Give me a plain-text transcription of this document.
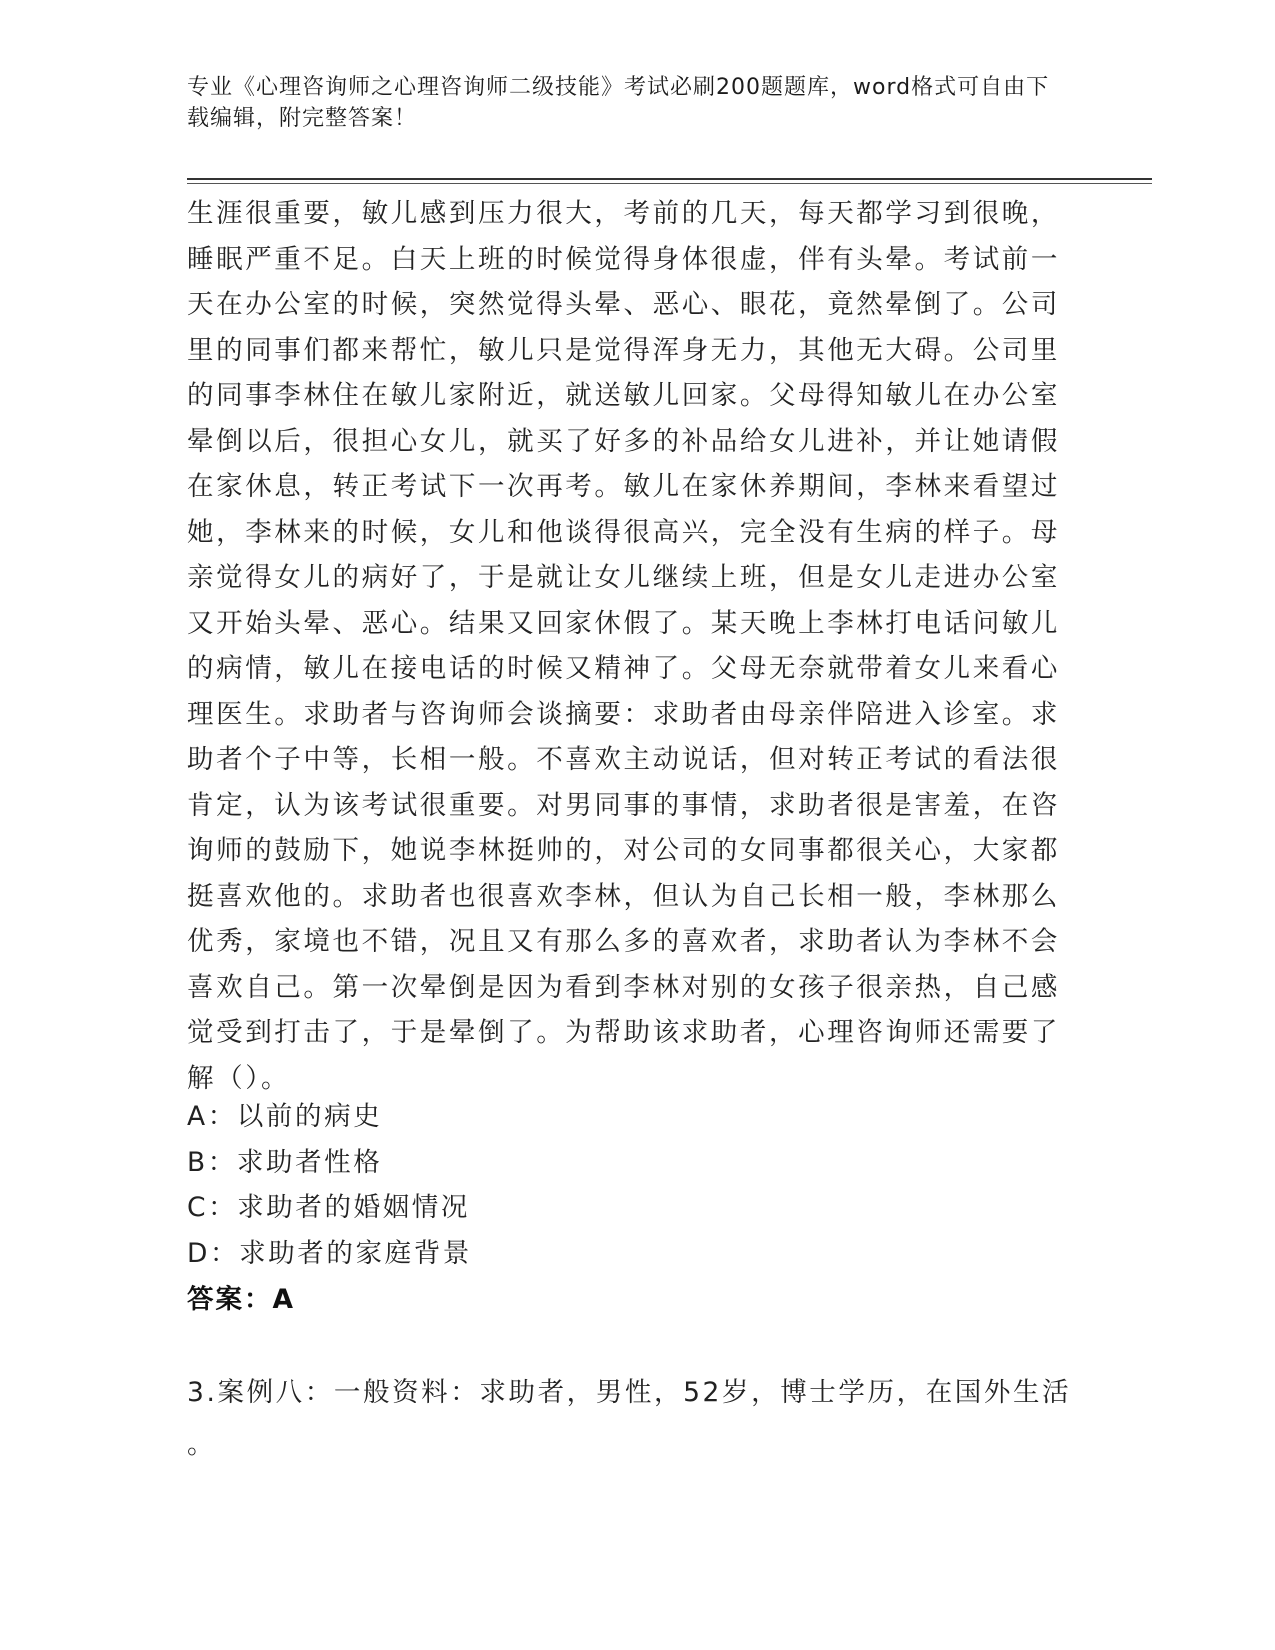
专业《心理咨询师之心理咨询师二级技能》考试必刷200题题库，word格式可自由下载编辑，附完整答案！
生涯很重要，敏儿感到压力很大，考前的几天，每天都学习到很晚，
睡眠严重不足。白天上班的时候觉得身体很虚，伴有头晕。考试前一
天在办公室的时候，突然觉得头晕、恶心、眼花，竟然晕倒了。公司
里的同事们都来帮忙，敏儿只是觉得浑身无力，其他无大碍。公司里
的同事李林住在敏儿家附近，就送敏儿回家。父母得知敏儿在办公室
晕倒以后，很担心女儿，就买了好多的补品给女儿进补，并让她请假
在家休息，转正考试下一次再考。敏儿在家休养期间，李林来看望过
她，李林来的时候，女儿和他谈得很高兴，完全没有生病的样子。母
亲觉得女儿的病好了，于是就让女儿继续上班，但是女儿走进办公室
又开始头晕、恶心。结果又回家休假了。某天晚上李林打电话问敏儿
的病情，敏儿在接电话的时候又精神了。父母无奈就带着女儿来看心
理医生。求助者与咨询师会谈摘要：求助者由母亲伴陪进入诊室。求
助者个子中等，长相一般。不喜欢主动说话，但对转正考试的看法很
肯定，认为该考试很重要。对男同事的事情，求助者很是害羞，在咨
询师的鼓励下，她说李林挺帅的，对公司的女同事都很关心，大家都
挺喜欢他的。求助者也很喜欢李林，但认为自己长相一般，李林那么
优秀，家境也不错，况且又有那么多的喜欢者，求助者认为李林不会
喜欢自己。第一次晕倒是因为看到李林对别的女孩子很亲热，自己感
觉受到打击了，于是晕倒了。为帮助该求助者，心理咨询师还需要了
解（）。
A：以前的病史
B：求助者性格
C：求助者的婚姻情况
D：求助者的家庭背景
答案：A
3.案例八：一般资料：求助者，男性，52岁，博士学历，在国外生活
。
